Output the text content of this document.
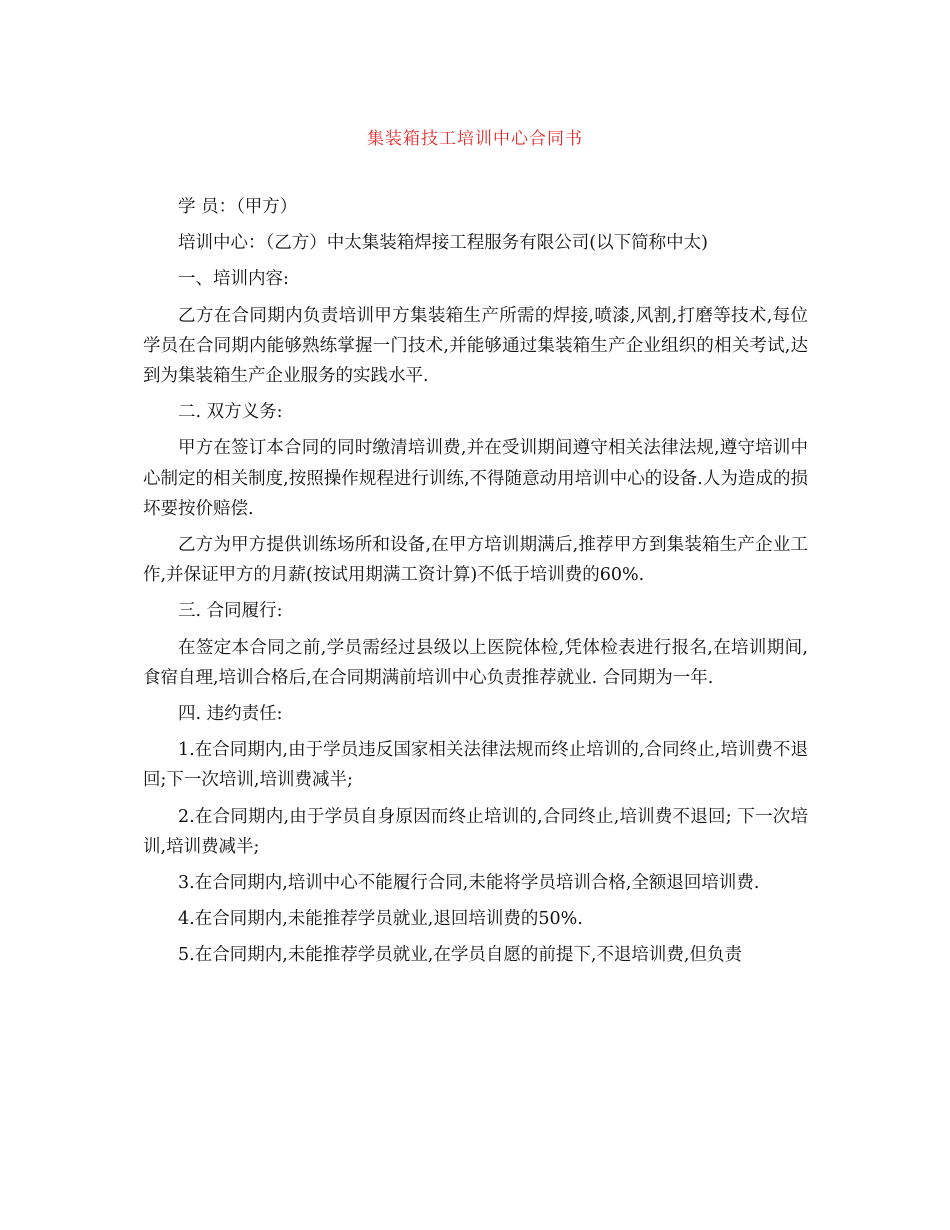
集装箱技工培训中心合同书

学 员：（甲方）

培训中心：（乙方）中太集装箱焊接工程服务有限公司(以下简称中太)

一、培训内容:

乙方在合同期内负责培训甲方集装箱生产所需的焊接,喷漆,风割,打磨等技术,每位学员在合同期内能够熟练掌握一门技术,并能够通过集装箱生产企业组织的相关考试,达到为集装箱生产企业服务的实践水平.

二. 双方义务:

甲方在签订本合同的同时缴清培训费,并在受训期间遵守相关法律法规,遵守培训中心制定的相关制度,按照操作规程进行训练,不得随意动用培训中心的设备.人为造成的损坏要按价赔偿.

乙方为甲方提供训练场所和设备,在甲方培训期满后,推荐甲方到集装箱生产企业工作,并保证甲方的月薪(按试用期满工资计算)不低于培训费的60%.

三. 合同履行:

在签定本合同之前,学员需经过县级以上医院体检,凭体检表进行报名,在培训期间,食宿自理,培训合格后,在合同期满前培训中心负责推荐就业. 合同期为一年.

四. 违约责任:

1.在合同期内,由于学员违反国家相关法律法规而终止培训的,合同终止,培训费不退回;下一次培训,培训费减半;

2.在合同期内,由于学员自身原因而终止培训的,合同终止,培训费不退回; 下一次培训,培训费减半;

3.在合同期内,培训中心不能履行合同,未能将学员培训合格,全额退回培训费.

4.在合同期内,未能推荐学员就业,退回培训费的50%.

5.在合同期内,未能推荐学员就业,在学员自愿的前提下,不退培训费,但负责
